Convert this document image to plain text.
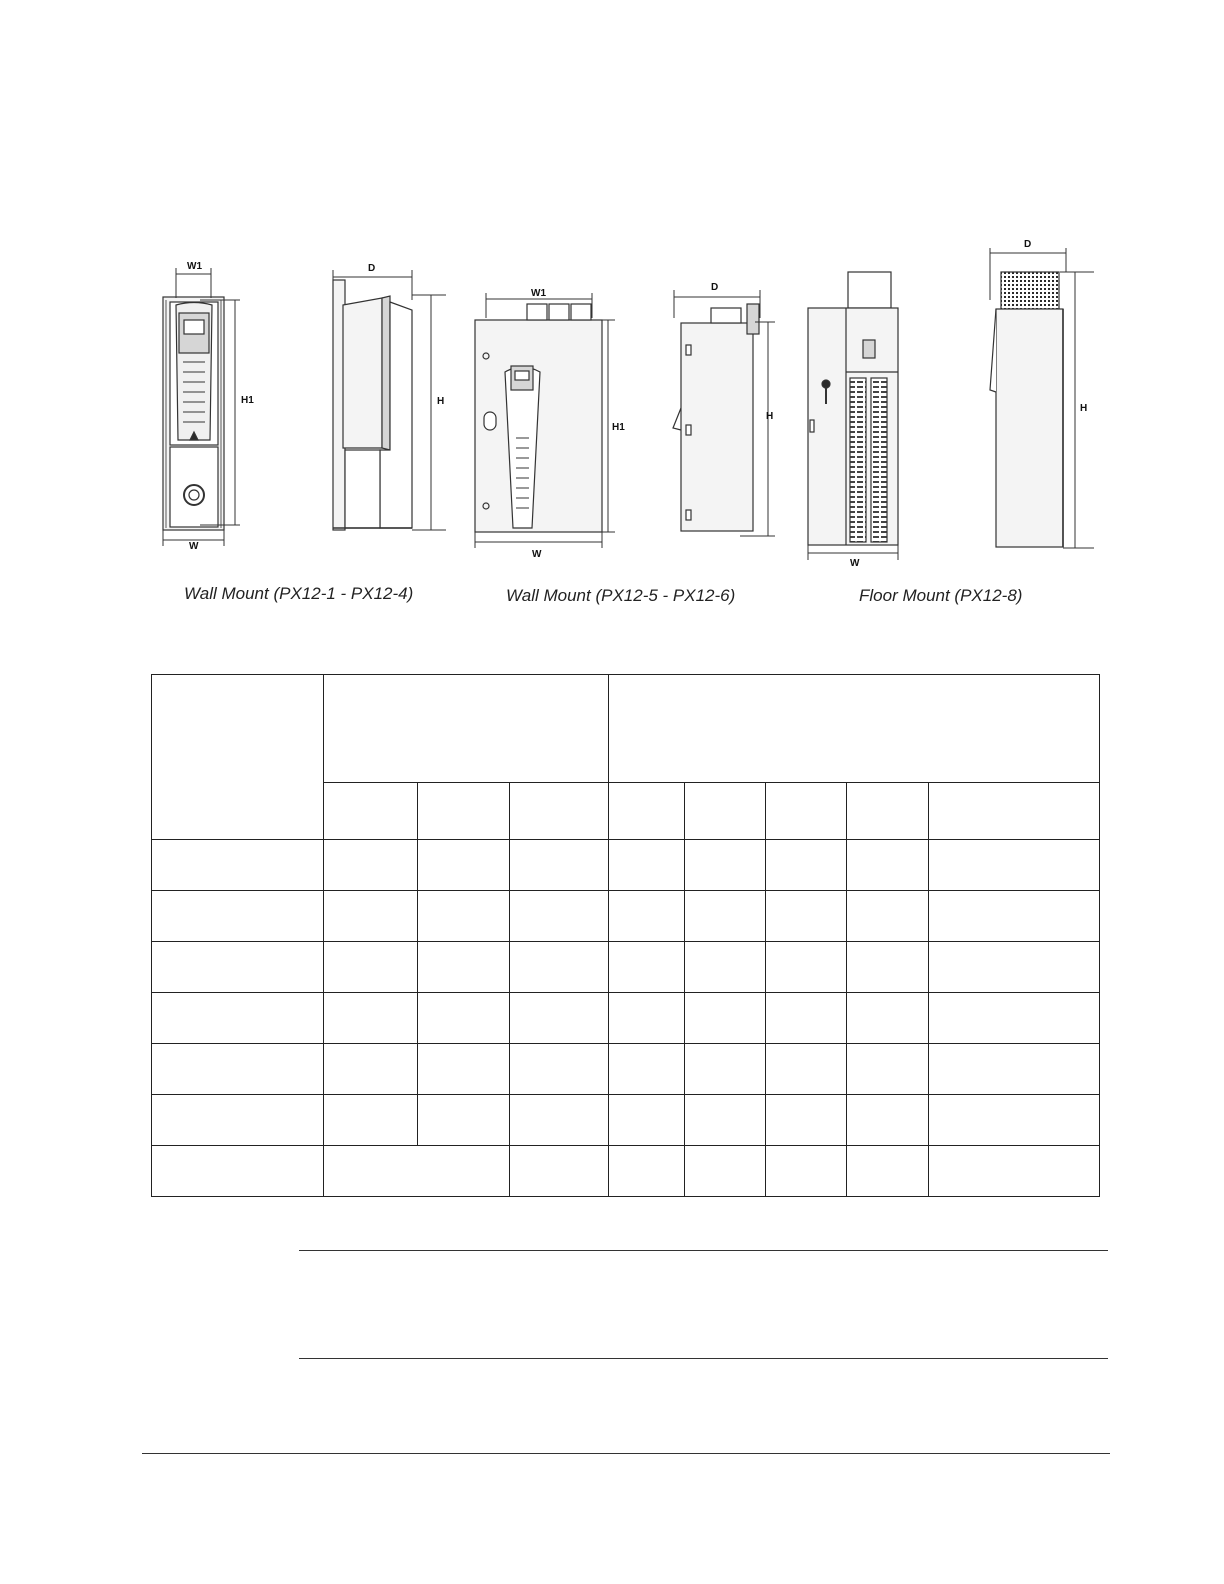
W1
H1
W
D
H
W1
H1
W
D
H
W
D
H
Wall Mount (PX12-1 - PX12-4)	Wall Mount (PX12-5 - PX12-6)	Floor Mount (PX12-8)
